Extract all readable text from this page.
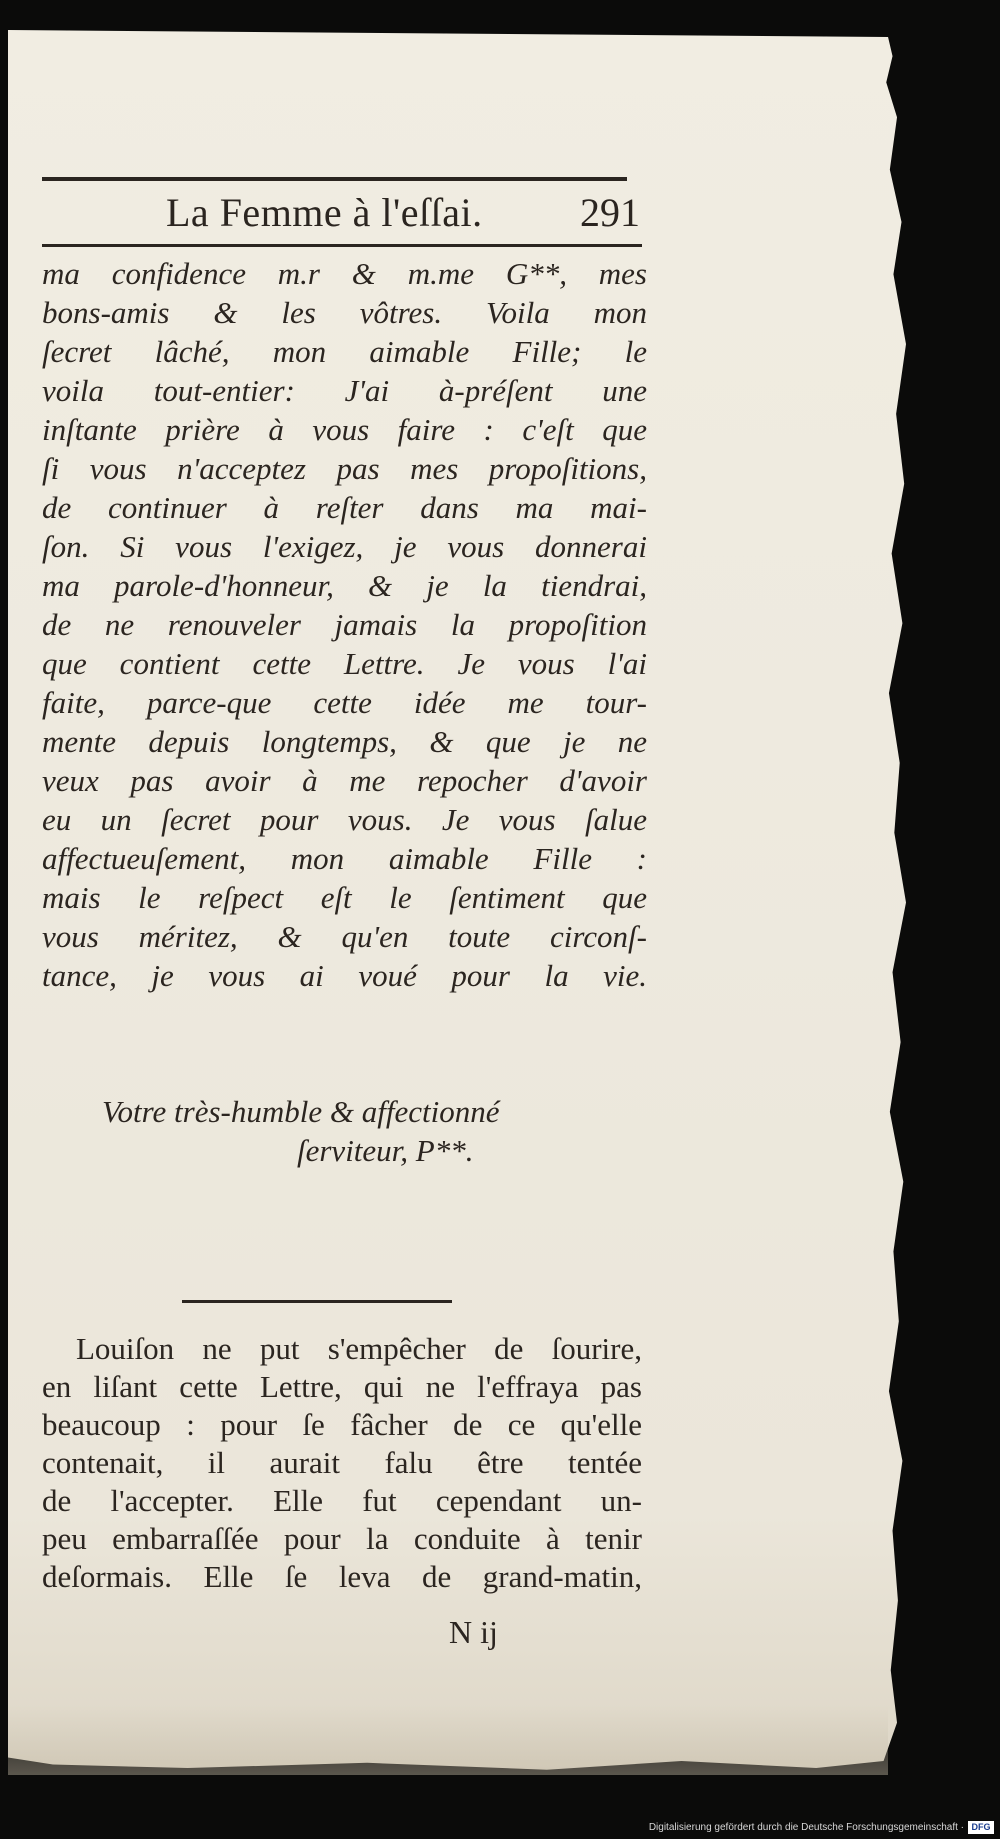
La Femme à l'eſſai. 291
ma confidence m.r & m.me G**, mes
bons-amis & les vôtres. Voila mon
ſecret lâché, mon aimable Fille; le
voila tout-entier: J'ai à-préſent une
inſtante prière à vous faire : c'eſt que
ſi vous n'acceptez pas mes propoſitions,
de continuer à reſter dans ma mai-
ſon. Si vous l'exigez, je vous donnerai
ma parole-d'honneur, & je la tiendrai,
de ne renouveler jamais la propoſition
que contient cette Lettre. Je vous l'ai
faite, parce-que cette idée me tour-
mente depuis longtemps, & que je ne
veux pas avoir à me repocher d'avoir
eu un ſecret pour vous. Je vous ſalue
affectueuſement, mon aimable Fille :
mais le reſpect eſt le ſentiment que
vous méritez, & qu'en toute circonſ-
tance, je vous ai voué pour la vie.
Votre très-humble & affectionné
ſerviteur, P**.
Louiſon ne put s'empêcher de ſourire,
en liſant cette Lettre, qui ne l'effraya pas
beaucoup : pour ſe fâcher de ce qu'elle
contenait, il aurait falu être tentée
de l'accepter. Elle fut cependant un-
peu embarraſſée pour la conduite à tenir
deſormais. Elle ſe leva de grand-matin,
N ij
Digitalisierung gefördert durch die Deutsche Forschungsgemeinschaft · DFG
